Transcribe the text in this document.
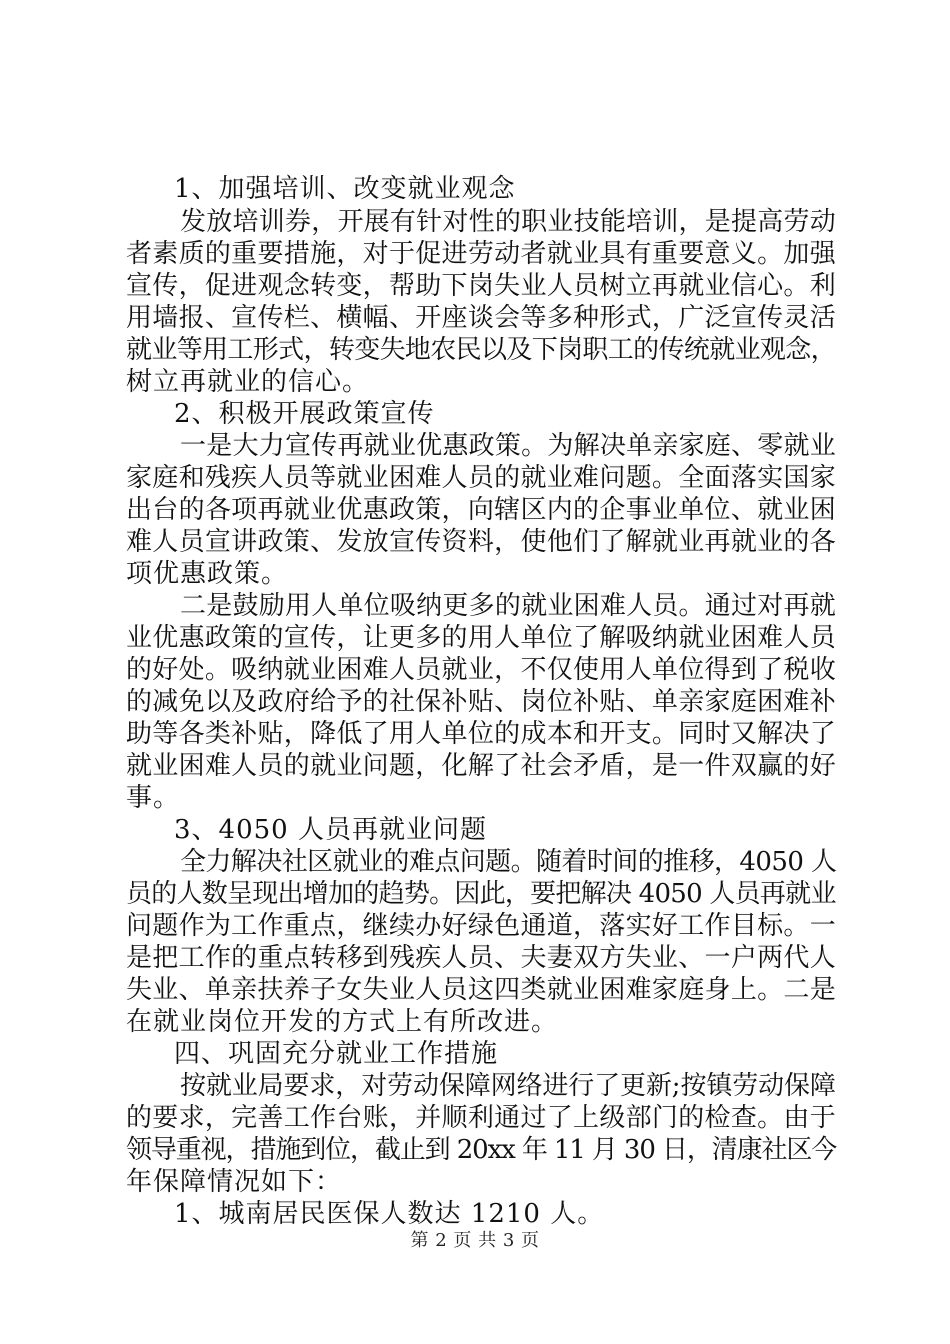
1、加强培训、改变就业观念
发放培训券，开展有针对性的职业技能培训，是提高劳动
者素质的重要措施，对于促进劳动者就业具有重要意义。加强
宣传，促进观念转变，帮助下岗失业人员树立再就业信心。利
用墙报、宣传栏、横幅、开座谈会等多种形式，广泛宣传灵活
就业等用工形式，转变失地农民以及下岗职工的传统就业观念，
树立再就业的信心。
2、积极开展政策宣传
一是大力宣传再就业优惠政策。为解决单亲家庭、零就业
家庭和残疾人员等就业困难人员的就业难问题。全面落实国家
出台的各项再就业优惠政策，向辖区内的企事业单位、就业困
难人员宣讲政策、发放宣传资料，使他们了解就业再就业的各
项优惠政策。
二是鼓励用人单位吸纳更多的就业困难人员。通过对再就
业优惠政策的宣传，让更多的用人单位了解吸纳就业困难人员
的好处。吸纳就业困难人员就业，不仅使用人单位得到了税收
的减免以及政府给予的社保补贴、岗位补贴、单亲家庭困难补
助等各类补贴，降低了用人单位的成本和开支。同时又解决了
就业困难人员的就业问题，化解了社会矛盾，是一件双赢的好
事。
3、4050 人员再就业问题
全力解决社区就业的难点问题。随着时间的推移，4050 人
员的人数呈现出增加的趋势。因此，要把解决 4050 人员再就业
问题作为工作重点，继续办好绿色通道，落实好工作目标。一
是把工作的重点转移到残疾人员、夫妻双方失业、一户两代人
失业、单亲扶养子女失业人员这四类就业困难家庭身上。二是
在就业岗位开发的方式上有所改进。
四、巩固充分就业工作措施
按就业局要求，对劳动保障网络进行了更新;按镇劳动保障
的要求，完善工作台账，并顺利通过了上级部门的检查。由于
领导重视，措施到位，截止到 20xx 年 11 月 30 日，清康社区今
年保障情况如下：
1、城南居民医保人数达 1210 人。
第 2 页 共 3 页
